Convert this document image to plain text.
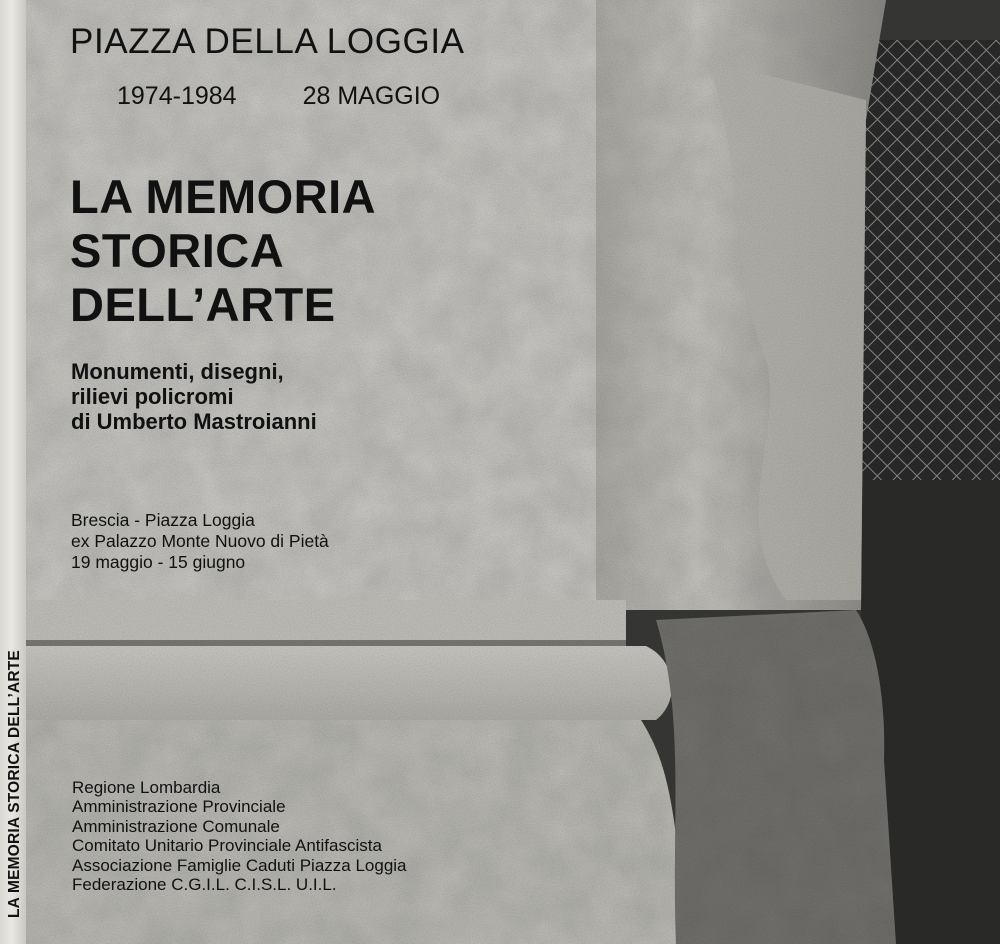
LA MEMORIA STORICA DELL’ARTE
PIAZZA DELLA LOGGIA
1974-1984	28 MAGGIO
LA MEMORIA
STORICA
DELL’ARTE
Monumenti, disegni,
rilievi policromi
di Umberto Mastroianni
Brescia - Piazza Loggia
ex Palazzo Monte Nuovo di Pietà
19 maggio - 15 giugno
Regione Lombardia
Amministrazione Provinciale
Amministrazione Comunale
Comitato Unitario Provinciale Antifascista
Associazione Famiglie Caduti Piazza Loggia
Federazione C.G.I.L. C.I.S.L. U.I.L.
